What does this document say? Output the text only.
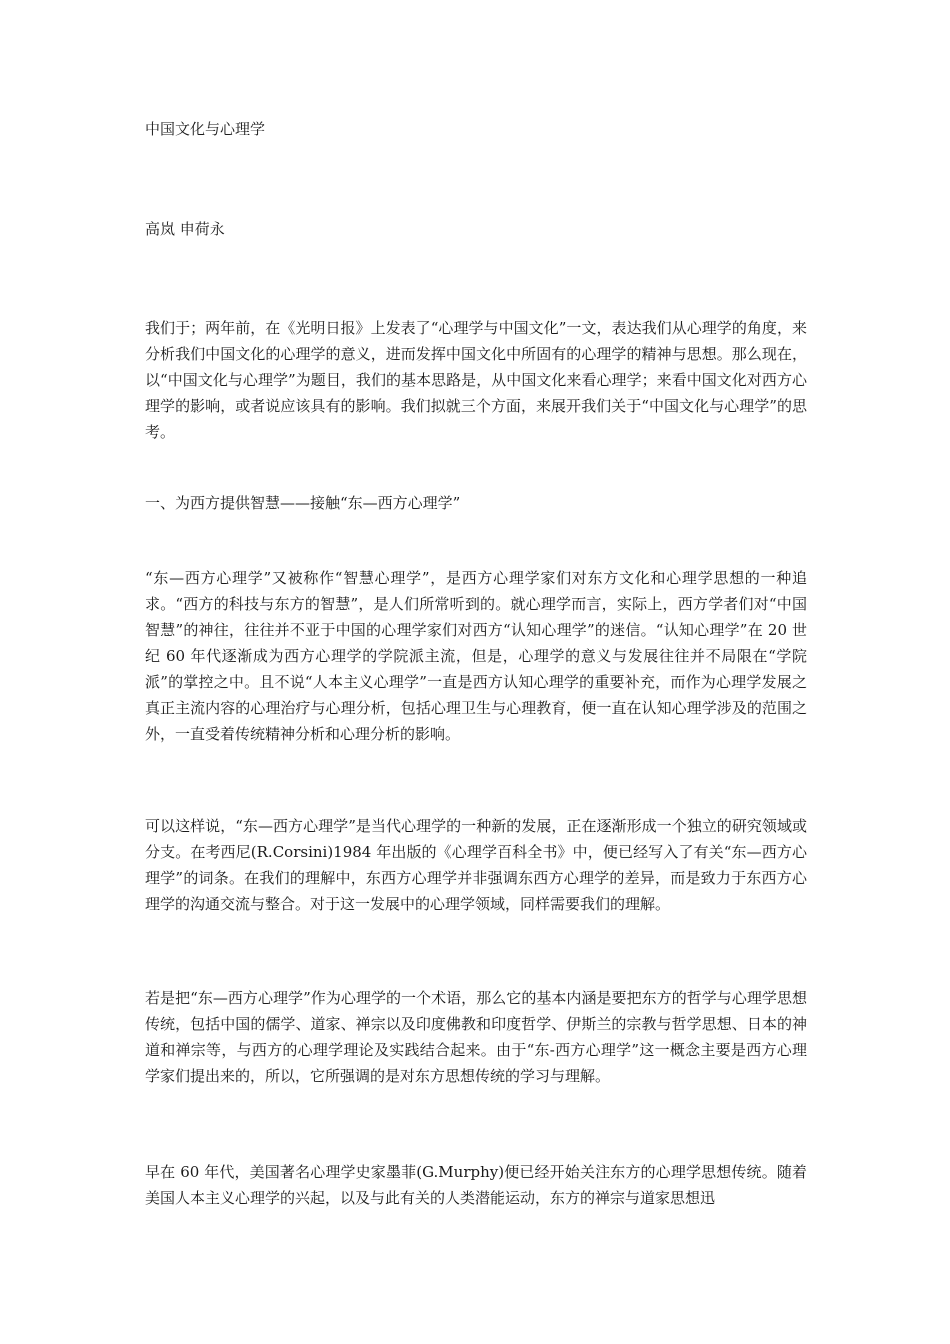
中国文化与心理学
高岚 申荷永
我们于；两年前，在《光明日报》上发表了“心理学与中国文化”一文，表达我们从心理学的角度，来分析我们中国文化的心理学的意义，进而发挥中国文化中所固有的心理学的精神与思想。那么现在，以“中国文化与心理学”为题目，我们的基本思路是，从中国文化来看心理学；来看中国文化对西方心理学的影响，或者说应该具有的影响。我们拟就三个方面，来展开我们关于“中国文化与心理学”的思考。
一、为西方提供智慧——接触“东—西方心理学”
“东—西方心理学”又被称作“智慧心理学”，是西方心理学家们对东方文化和心理学思想的一种追求。“西方的科技与东方的智慧”，是人们所常听到的。就心理学而言，实际上，西方学者们对“中国智慧”的神往，往往并不亚于中国的心理学家们对西方“认知心理学”的迷信。“认知心理学”在 20 世纪 60 年代逐渐成为西方心理学的学院派主流，但是，心理学的意义与发展往往并不局限在“学院派”的掌控之中。且不说“人本主义心理学”一直是西方认知心理学的重要补充，而作为心理学发展之真正主流内容的心理治疗与心理分析，包括心理卫生与心理教育，便一直在认知心理学涉及的范围之外，一直受着传统精神分析和心理分析的影响。
可以这样说，“东—西方心理学”是当代心理学的一种新的发展，正在逐渐形成一个独立的研究领域或分支。在考西尼(R.Corsini)1984 年出版的《心理学百科全书》中，便已经写入了有关“东—西方心理学”的词条。在我们的理解中，东西方心理学并非强调东西方心理学的差异，而是致力于东西方心理学的沟通交流与整合。对于这一发展中的心理学领域，同样需要我们的理解。
若是把“东—西方心理学”作为心理学的一个术语，那么它的基本内涵是要把东方的哲学与心理学思想传统，包括中国的儒学、道家、禅宗以及印度佛教和印度哲学、伊斯兰的宗教与哲学思想、日本的神道和禅宗等，与西方的心理学理论及实践结合起来。由于“东-西方心理学”这一概念主要是西方心理学家们提出来的，所以，它所强调的是对东方思想传统的学习与理解。
早在 60 年代，美国著名心理学史家墨菲(G.Murphy)便已经开始关注东方的心理学思想传统。随着美国人本主义心理学的兴起，以及与此有关的人类潜能运动，东方的禅宗与道家思想迅
